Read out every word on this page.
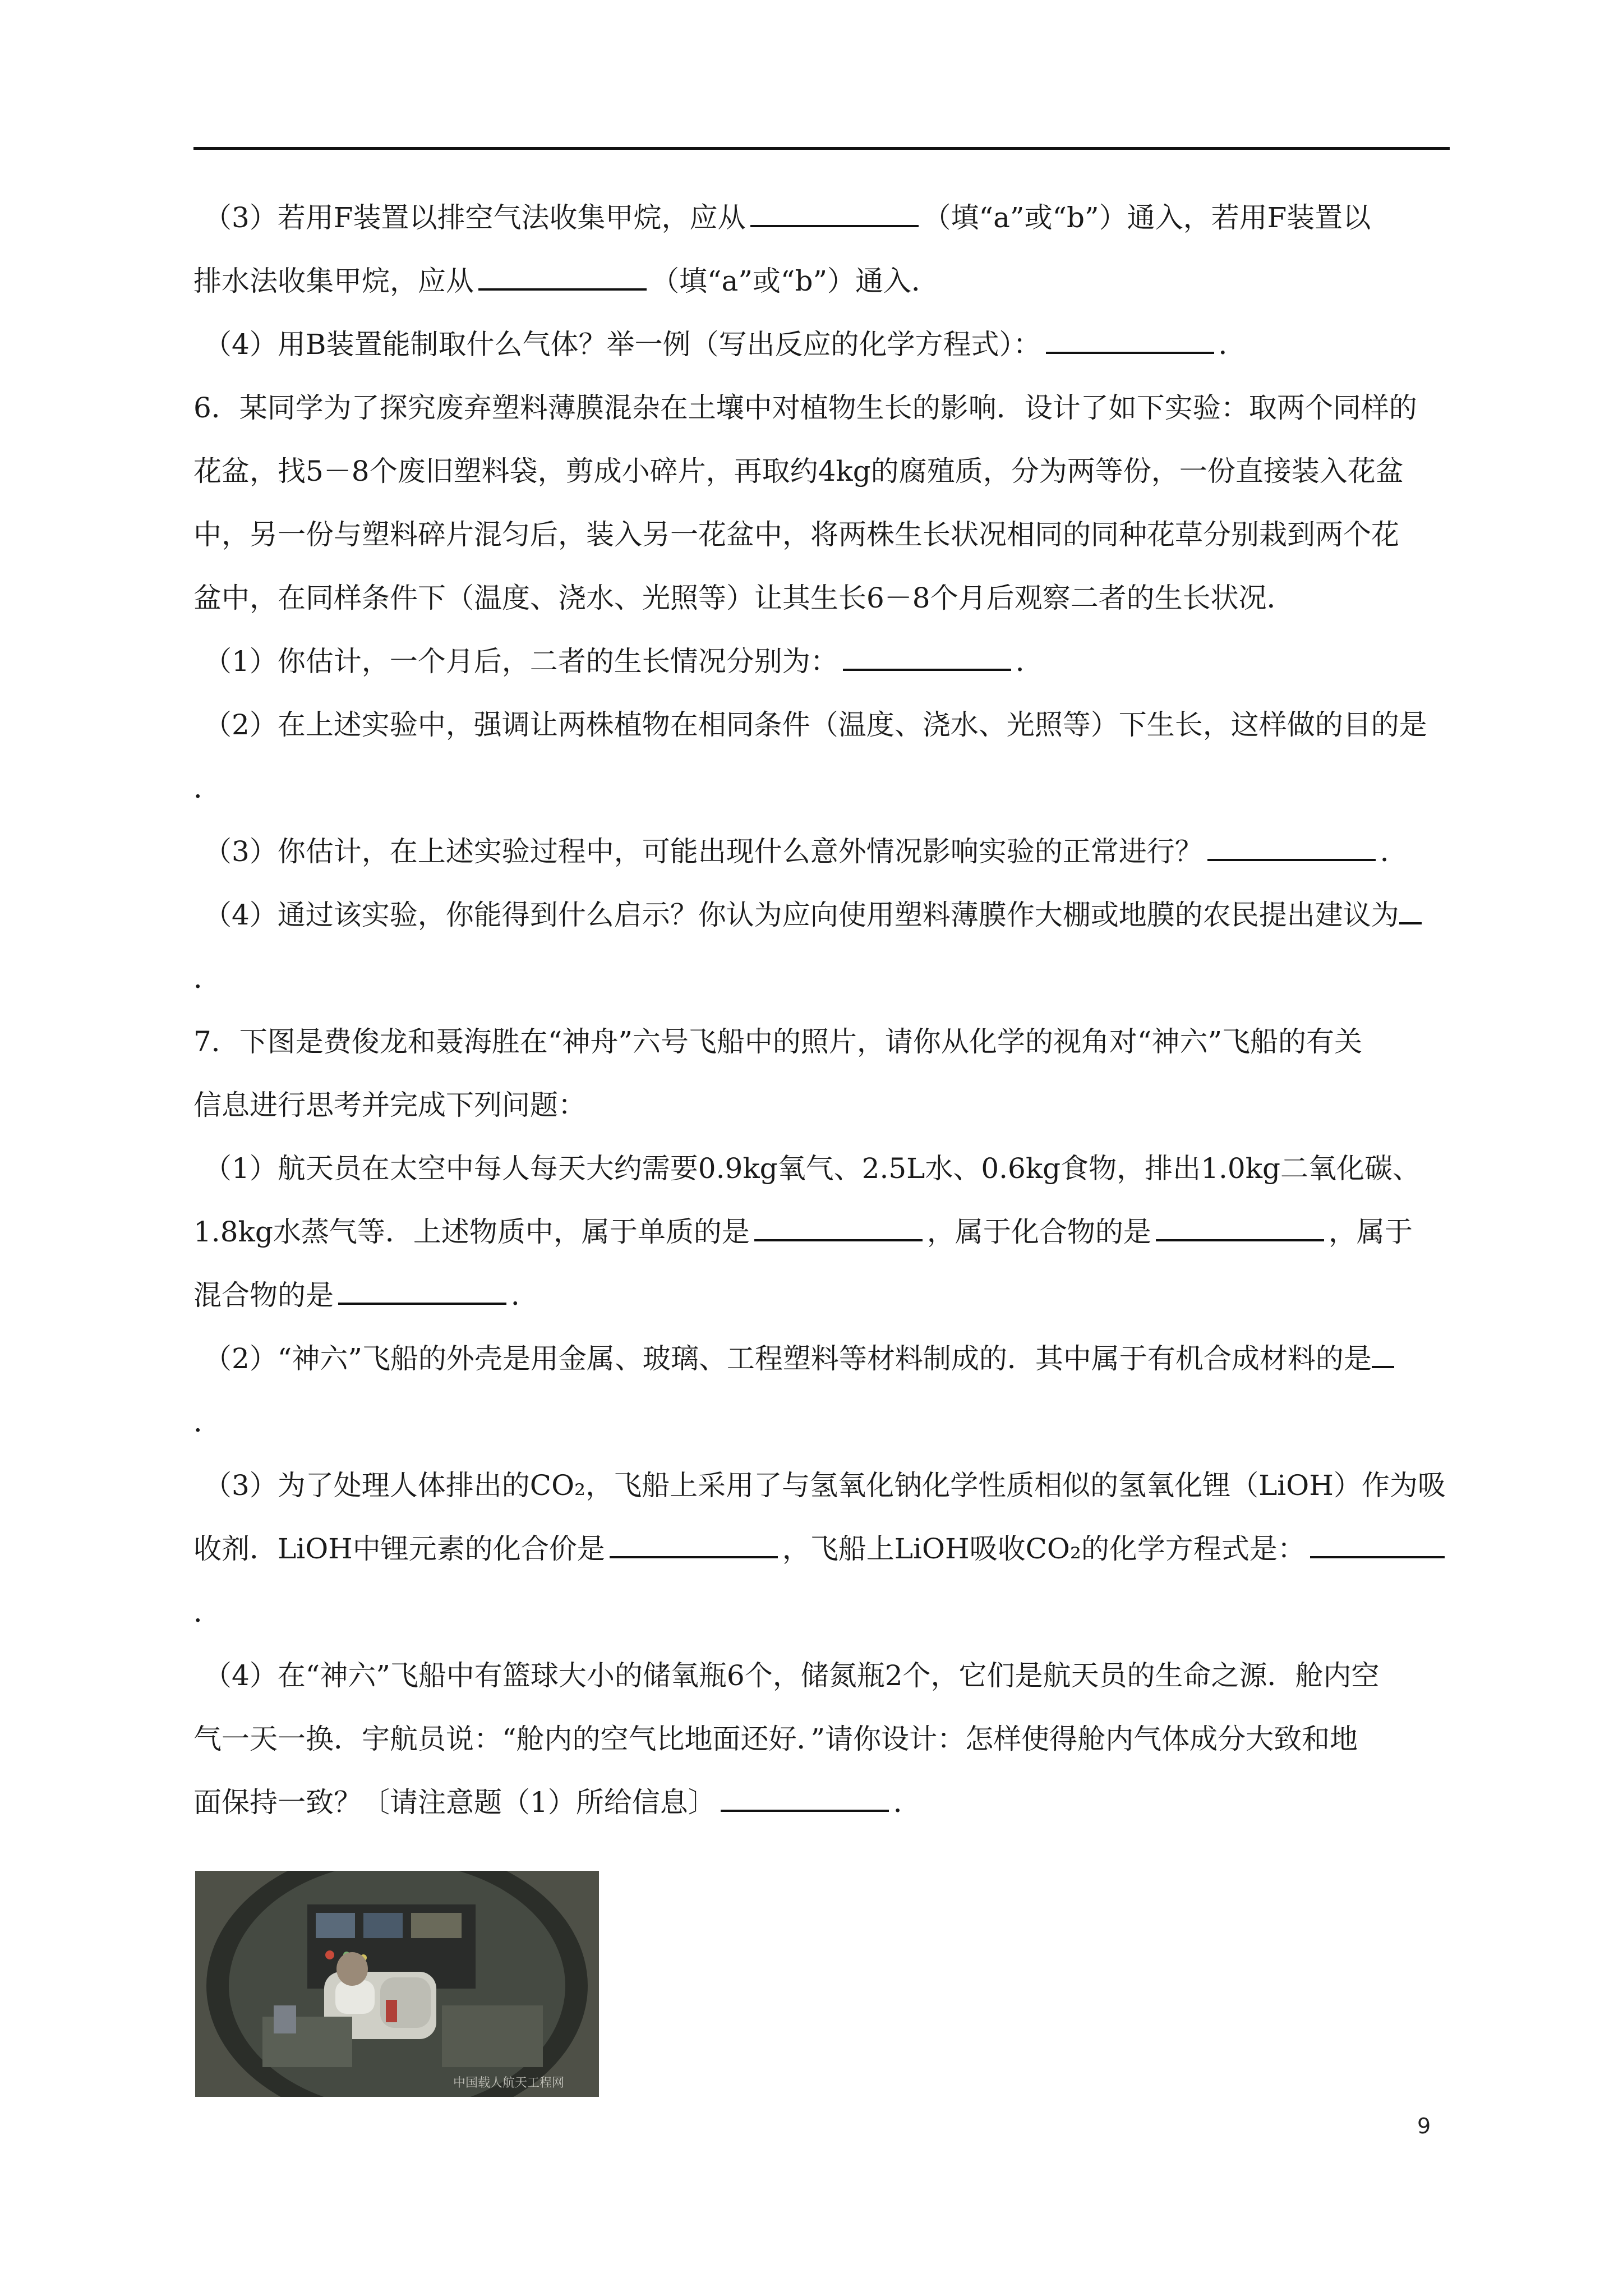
（3）若用F装置以排空气法收集甲烷，应从	（填“a”或“b”）通入，若用F装置以
排水法收集甲烷，应从	（填“a”或“b”）通入．
（4）用B装置能制取什么气体？举一例（写出反应的化学方程式）：	．
6．某同学为了探究废弃塑料薄膜混杂在土壤中对植物生长的影响．设计了如下实验：取两个同样的
花盆，找5－8个废旧塑料袋，剪成小碎片，再取约4kg的腐殖质，分为两等份，一份直接装入花盆
中，另一份与塑料碎片混匀后，装入另一花盆中，将两株生长状况相同的同种花草分别栽到两个花
盆中，在同样条件下（温度、浇水、光照等）让其生长6－8个月后观察二者的生长状况．
（1）你估计，一个月后，二者的生长情况分别为：	．
（2）在上述实验中，强调让两株植物在相同条件（温度、浇水、光照等）下生长，这样做的目的是
．
（3）你估计，在上述实验过程中，可能出现什么意外情况影响实验的正常进行？	．
（4）通过该实验，你能得到什么启示？你认为应向使用塑料薄膜作大棚或地膜的农民提出建议为
．
7．下图是费俊龙和聂海胜在“神舟”六号飞船中的照片，请你从化学的视角对“神六”飞船的有关
信息进行思考并完成下列问题：
（1）航天员在太空中每人每天大约需要0.9kg氧气、2.5L水、0.6kg食物，排出1.0kg二氧化碳、
1.8kg水蒸气等．上述物质中，属于单质的是	，属于化合物的是	，属于
混合物的是	．
（2）“神六”飞船的外壳是用金属、玻璃、工程塑料等材料制成的．其中属于有机合成材料的是
．
（3）为了处理人体排出的CO₂，飞船上采用了与氢氧化钠化学性质相似的氢氧化锂（LiOH）作为吸
收剂．LiOH中锂元素的化合价是	，飞船上LiOH吸收CO₂的化学方程式是：
．
（4）在“神六”飞船中有篮球大小的储氧瓶6个，储氮瓶2个，它们是航天员的生命之源．舱内空
气一天一换．宇航员说：“舱内的空气比地面还好．”请你设计：怎样使得舱内气体成分大致和地
面保持一致？〔请注意题（1）所给信息〕	．
中国载人航天工程网
9
